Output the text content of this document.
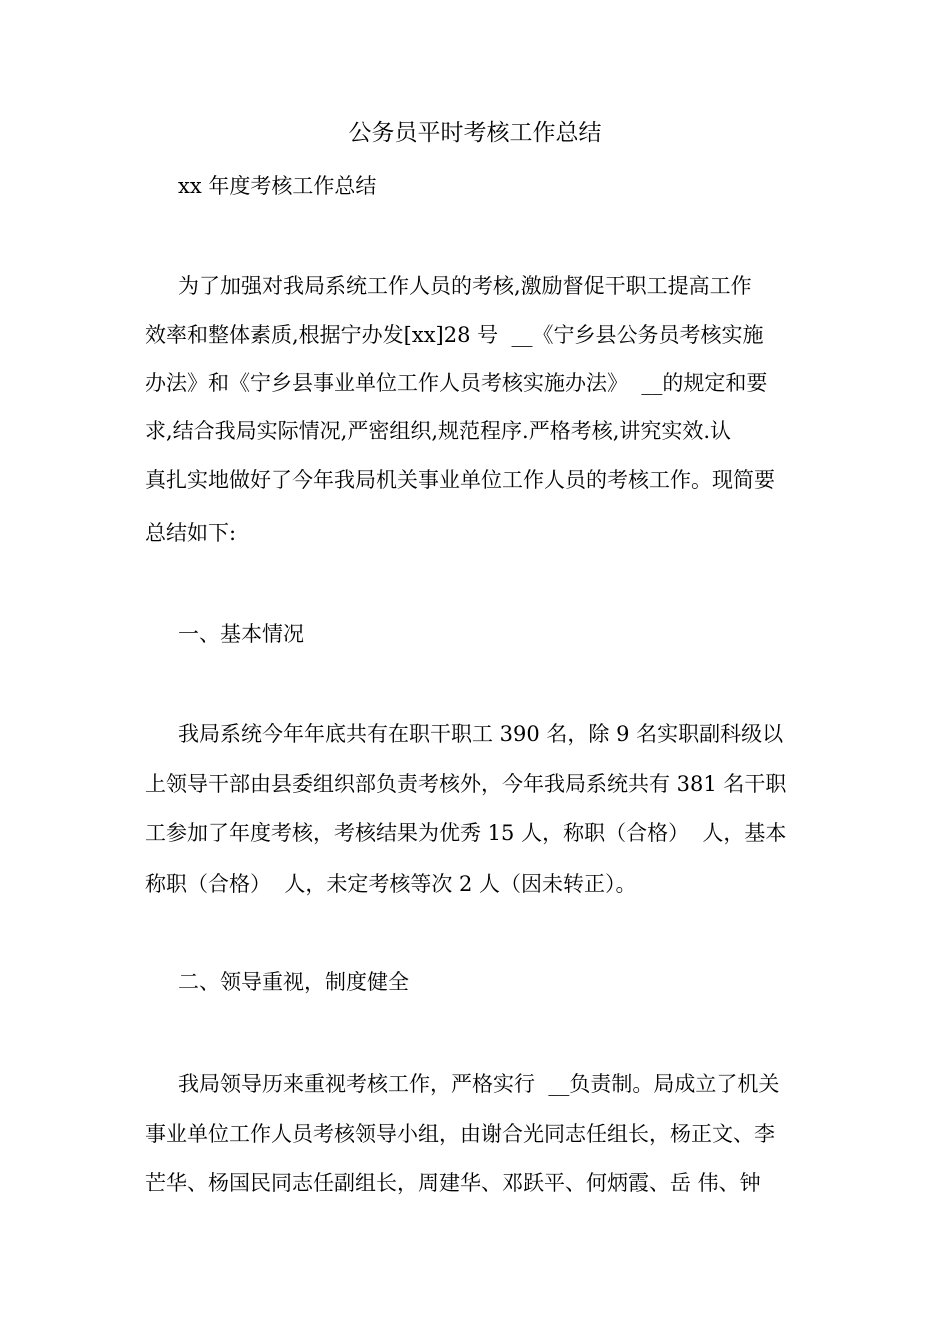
公务员平时考核工作总结
xx 年度考核工作总结
为了加强对我局系统工作人员的考核,激励督促干职工提高工作
效率和整体素质,根据宁办发[xx]28 号  __《宁乡县公务员考核实施
办法》和《宁乡县事业单位工作人员考核实施办法》  __的规定和要
求,结合我局实际情况,严密组织,规范程序.严格考核,讲究实效.认
真扎实地做好了今年我局机关事业单位工作人员的考核工作。现简要
总结如下:
一、基本情况
我局系统今年年底共有在职干职工 390 名，除 9 名实职副科级以
上领导干部由县委组织部负责考核外，今年我局系统共有 381 名干职
工参加了年度考核，考核结果为优秀 15 人，称职（合格）  人，基本
称职（合格）  人，未定考核等次 2 人（因未转正）。
二、领导重视，制度健全
我局领导历来重视考核工作，严格实行  __负责制。局成立了机关
事业单位工作人员考核领导小组，由谢合光同志任组长，杨正文、李
芒华、杨国民同志任副组长，周建华、邓跃平、何炳霞、岳 伟、钟
